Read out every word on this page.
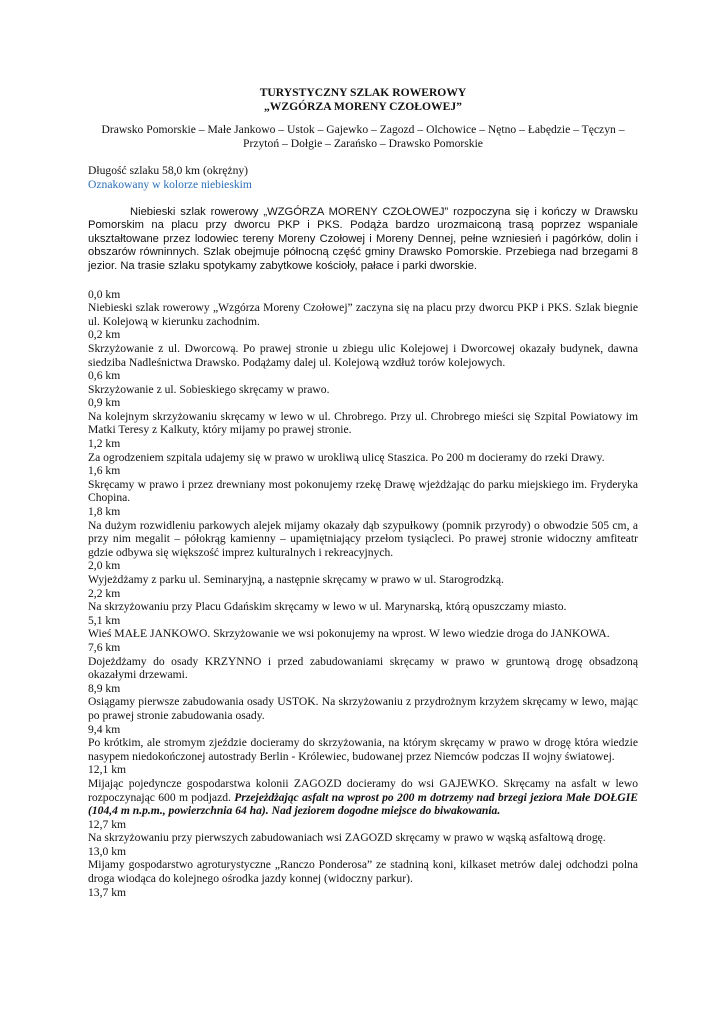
TURYSTYCZNY SZLAK ROWEROWY
„WZGÓRZA MORENY CZOŁOWEJ”
Drawsko Pomorskie – Małe Jankowo – Ustok – Gajewko – Zagozd – Olchowice – Nętno – Łabędzie – Tęczyn – Przytoń – Dołgie – Zarańsko – Drawsko Pomorskie
Długość szlaku 58,0 km (okrężny)
Oznakowany w kolorze niebieskim
Niebieski szlak rowerowy „WZGÓRZA MORENY CZOŁOWEJ” rozpoczyna się i kończy w Drawsku Pomorskim na placu przy dworcu PKP i PKS. Podąża bardzo urozmaiconą trasą poprzez wspaniale ukształtowane przez lodowiec tereny Moreny Czołowej i Moreny Dennej, pełne wzniesień i pagórków, dolin i obszarów równinnych. Szlak obejmuje północną część gminy Drawsko Pomorskie. Przebiega nad brzegami 8 jezior. Na trasie szlaku spotykamy zabytkowe kościoły, pałace i parki dworskie.
0,0 km
Niebieski szlak rowerowy „Wzgórza Moreny Czołowej” zaczyna się na placu przy dworcu PKP i PKS. Szlak biegnie ul. Kolejową w kierunku zachodnim.
0,2 km
Skrzyżowanie z ul. Dworcową. Po prawej stronie u zbiegu ulic Kolejowej i Dworcowej okazały budynek, dawna siedziba Nadleśnictwa Drawsko. Podążamy dalej ul. Kolejową wzdłuż torów kolejowych.
0,6 km
Skrzyżowanie z ul. Sobieskiego skręcamy w prawo.
0,9 km
Na kolejnym skrzyżowaniu skręcamy w lewo w ul. Chrobrego. Przy ul. Chrobrego mieści się Szpital Powiatowy im Matki Teresy z Kalkuty, który mijamy po prawej stronie.
1,2 km
Za ogrodzeniem szpitala udajemy się w prawo w urokliwą ulicę Staszica. Po 200 m docieramy do rzeki Drawy.
1,6 km
Skręcamy w prawo i przez drewniany most pokonujemy rzekę Drawę wjeżdżając do parku miejskiego im. Fryderyka Chopina.
1,8 km
Na dużym rozwidleniu parkowych alejek mijamy okazały dąb szypułkowy (pomnik przyrody) o obwodzie 505 cm, a przy nim megalit – półokrąg kamienny – upamiętniający przełom tysiącleci. Po prawej stronie widoczny amfiteatr gdzie odbywa się większość imprez kulturalnych i rekreacyjnych.
2,0 km
Wyjeżdżamy z parku ul. Seminaryjną, a następnie skręcamy w prawo w ul. Starogrodzką.
2,2 km
Na skrzyżowaniu przy Placu Gdańskim skręcamy w lewo w ul. Marynarską, którą opuszczamy miasto.
5,1 km
Wieś MAŁE JANKOWO. Skrzyżowanie we wsi pokonujemy na wprost. W lewo wiedzie droga do JANKOWA.
7,6 km
Dojeżdżamy do osady KRZYNNO i przed zabudowaniami skręcamy w prawo w gruntową drogę obsadzoną okazałymi drzewami.
8,9 km
Osiągamy pierwsze zabudowania osady USTOK. Na skrzyżowaniu z przydrożnym krzyżem skręcamy w lewo, mając po prawej stronie zabudowania osady.
9,4 km
Po krótkim, ale stromym zjeździe docieramy do skrzyżowania, na którym skręcamy w prawo w drogę która wiedzie nasypem niedokończonej autostrady Berlin - Królewiec, budowanej przez Niemców podczas II wojny światowej.
12,1 km
Mijając pojedyncze gospodarstwa kolonii ZAGOZD docieramy do wsi GAJEWKO. Skręcamy na asfalt w lewo rozpoczynając 600 m podjazd. Przejeżdżając asfalt na wprost po 200 m dotrzemy nad brzegi jeziora Małe DOŁGIE (104,4 m n.p.m., powierzchnia 64 ha). Nad jeziorem dogodne miejsce do biwakowania.
12,7 km
Na skrzyżowaniu przy pierwszych zabudowaniach wsi ZAGOZD skręcamy w prawo w wąską asfaltową drogę.
13,0 km
Mijamy gospodarstwo agroturystyczne „Ranczo Ponderosa” ze stadniną koni, kilkaset metrów dalej odchodzi polna droga wiodąca do kolejnego ośrodka jazdy konnej (widoczny parkur).
13,7 km
